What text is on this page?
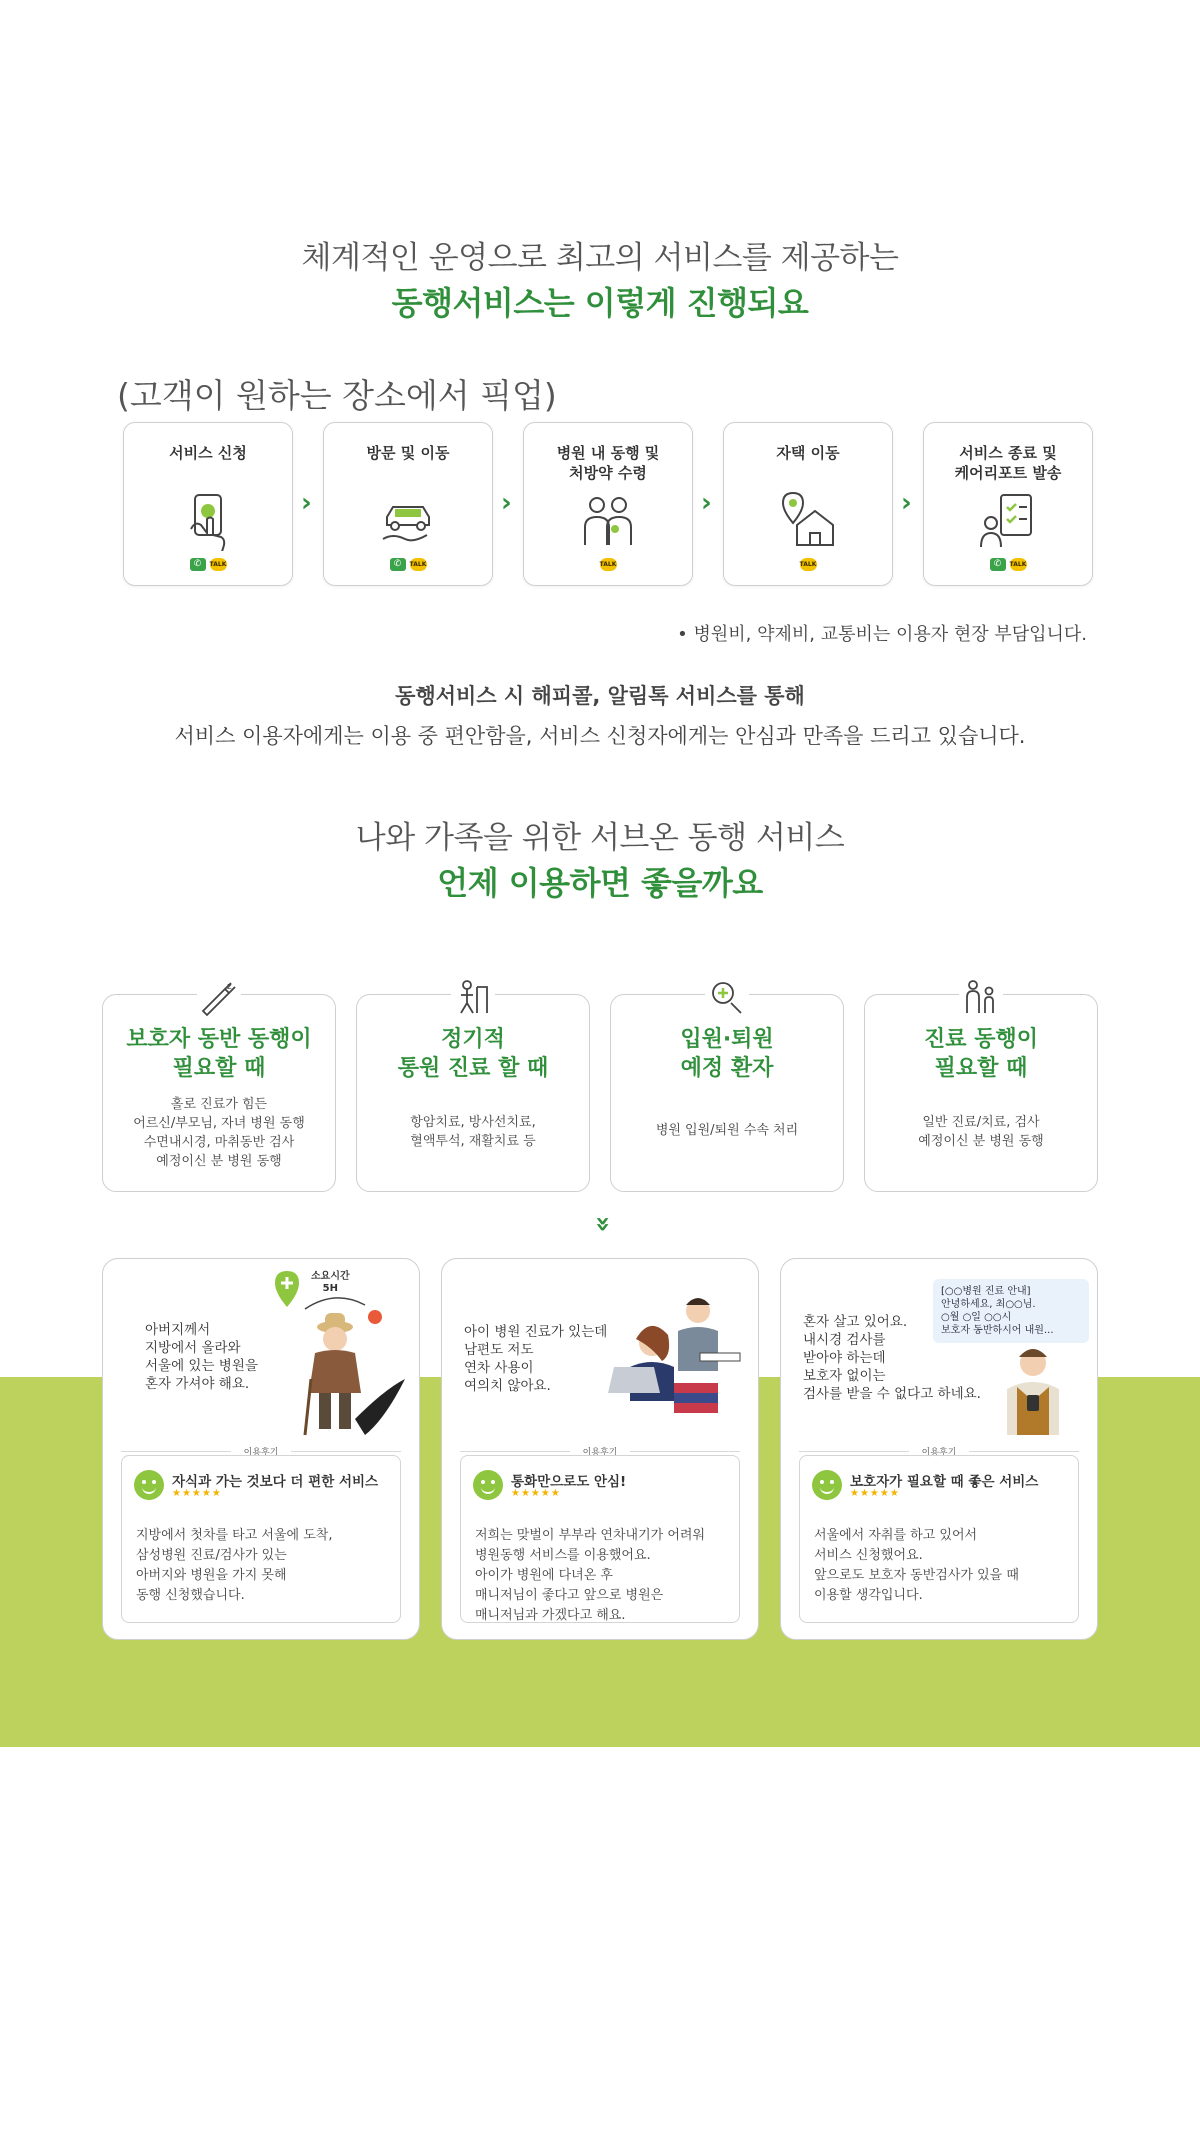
체계적인 운영으로 최고의 서비스를 제공하는
동행서비스는 이렇게 진행되요
(고객이 원하는 장소에서 픽업)
서비스 신청
✆	TALK
›
방문 및 이동
✆	TALK
›
병원 내 동행 및
처방약 수령
TALK
›
자택 이동
TALK
›
서비스 종료 및
케어리포트 발송
✆	TALK
• 병원비, 약제비, 교통비는 이용자 현장 부담입니다.
동행서비스 시 해피콜, 알림톡 서비스를 통해
서비스 이용자에게는 이용 중 편안함을, 서비스 신청자에게는 안심과 만족을 드리고 있습니다.
나와 가족을 위한 서브온 동행 서비스
언제 이용하면 좋을까요
z
보호자 동반 동행이
필요할 때
홀로 진료가 힘든
어르신/부모님, 자녀 병원 동행
수면내시경, 마취동반 검사
예정이신 분 병원 동행
정기적
통원 진료 할 때
항암치료, 방사선치료,
혈액투석, 재활치료 등
입원·퇴원
예정 환자
병원 입원/퇴원 수속 처리
진료 동행이
필요할 때
일반 진료/치료, 검사
예정이신 분 병원 동행
»
아버지께서
지방에서 올라와
서울에 있는 병원을
혼자 가셔야 해요.
소요시간
5H
이용후기
자식과 가는 것보다 더 편한 서비스
★★★★★
지방에서 첫차를 타고 서울에 도착,
삼성병원 진료/검사가 있는
아버지와 병원을 가지 못해
동행 신청했습니다.
아이 병원 진료가 있는데
남편도 저도
연차 사용이
여의치 않아요.
이용후기
통화만으로도 안심!
★★★★★
저희는 맞벌이 부부라 연차내기가 어려워
병원동행 서비스를 이용했어요.
아이가 병원에 다녀온 후
매니저님이 좋다고 앞으로 병원은
매니저님과 가겠다고 해요.
혼자 살고 있어요.
내시경 검사를
받아야 하는데
보호자 없이는
검사를 받을 수 없다고 하네요.
[○○병원 진료 안내]
안녕하세요, 최○○님.
○월 ○일 ○○시
보호자 동반하시어 내원...
이용후기
보호자가 필요할 때 좋은 서비스
★★★★★
서울에서 자취를 하고 있어서
서비스 신청했어요.
앞으로도 보호자 동반검사가 있을 때
이용할 생각입니다.
